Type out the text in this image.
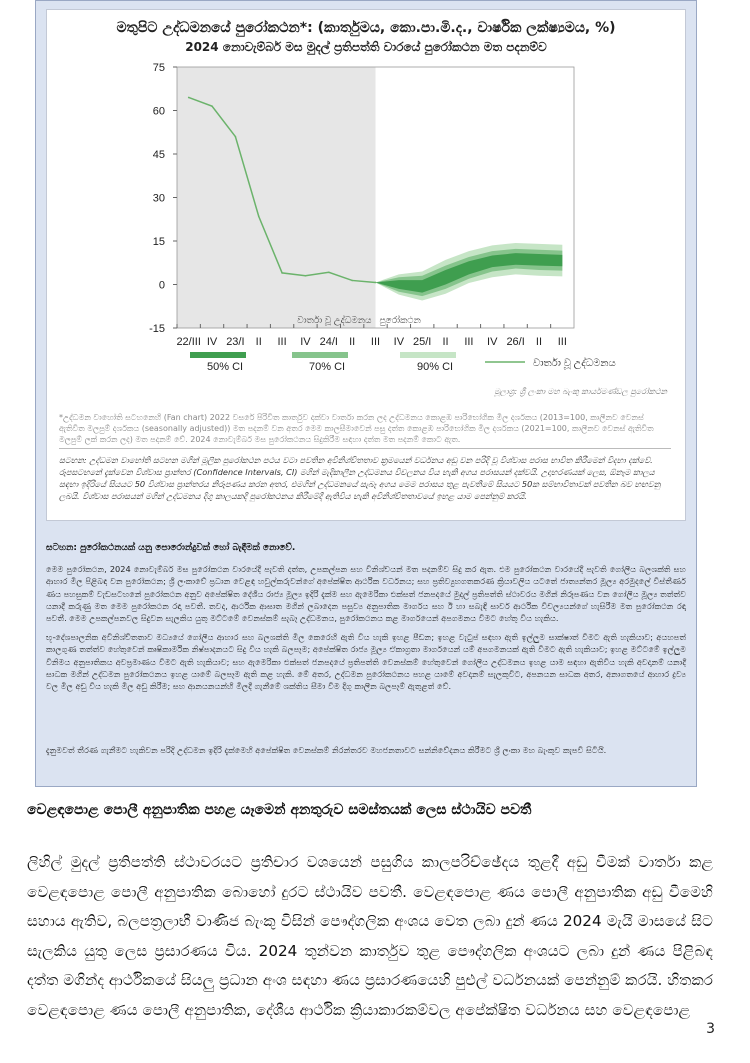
මතුපිට උද්ධමනයේ පුරෝකථන*: (කාර්තුමය, කො.පා.මි.ද., වාර්ෂික ලක්ෂ්‍යමය, %)
2024 නොවැම්බර් මස මුදල් ප්‍රතිපත්ති වාරයේ පුරෝකථන මත පදනම්ව
75
60
45
30
15
0
-15
22/III IV 23/I II III IV 24/I II III IV 25/I II III IV 26/I II III
වාර්තා වූ උද්ධමනය පුරෝකථන
50% CI	70% CI	90% CI	වාර්තා වූ උද්ධමනය
මූලාශ්‍ර: ශ්‍රී ලංකා මහ බැංකු කාර්යමණ්ඩල පුරෝකථන
*උද්ධමන වාහෝති සටහනෙහි (Fan chart) 2022 වසරේ පිරිවිත කාර්තුව දක්වා වාර්තා කරන ලද උද්ධමනය කොළඹ පාරිභෝගික මිල දර්ශකය (2013=100, කාලීනව වෙනස් ඇතිවිත මලපුම් දර්ශකය (seasonally adjusted)) මත පදනම් වන අතර මෙම කාලසීමාවෙන් පසු දත්ත කොළඹ පාරිභෝගික මිල දර්ශකය (2021=100, කාලීනව වෙනස් ඇතිවිත මලපුම් ලක් කරන ලද) මත පදනම් වේ. 2024 නොවැම්බර් මස පුරෝකථනය සිදුකිරීම සඳහා දත්ත මත පදනම් කොට ඇත.
සටහන: උද්ධමන වාහෝති සටහන මගින් මූලික පුරෝකථන පථය වටා පවතින අවිනිශ්චිතතාව ක්‍රමයෙන් වර්ධනය අඩු වන පරිදි වූ විශ්වාස පරාස භාවිත කිරීමෙන් විදහා දක්වේ. රූපසටහනේ දැක්වෙන විශ්වාස ප්‍රාන්තර (Confidence Intervals, CI) මගින් මැදිකාලීන උද්ධමනය විචලනය විය හැකි අගය පරාසයන් දක්වයි. උදාහරණයක් ලෙස, ඕනෑම කාලය සඳහා ඉදිරියේ සියයට 50 විශ්වාස ප්‍රාන්තරය නිරූපණය කරන අතර, එමගින් උද්ධමනයේ සැබෑ අගය මෙම පරාසය තුළ පැවතීමේ සියයට 50ක සම්භාවිතාවක් පවතින බව හඟවනු ලබයි. විශ්වාස පරාසයන් මගින් උද්ධමනය දිගු කාලයකදී පුරෝකථනය කිරීමේදී ඇතිවිය හැකි අවිනිශ්චිතතාවයේ ඉහළ යාම පෙන්නුම් කරයි.
සටහන: පුරෝකථනයක් යනු පොරොන්දුවක් හෝ බැඳීමක් නොවේ.
මෙම පුරෝකථන, 2024 නොවැම්බර් මස පුරෝකථන වාරයේදී පැවති දත්ත, උපකල්පන සහ විනිශ්චයන් මත පදනම්ව සිදු කර ඇත. එම පුරෝකථන වාරයේදී පැවති ගෝලීය බලශක්ති සහ ආහාර මිල පිළිබඳ වන පුරෝකථන; ශ්‍රී ලංකාවේ ප්‍රධාන වෙළඳ හවුල්කරුවන්ගේ අපේක්ෂිත ආර්ථික වර්ධනය; සහ ප්‍රතිව්‍යුහගතකරණ ක්‍රියාවලිය යටතේ ජාත්‍යන්තර මූල්‍ය අරමුදලේ විස්තීර්ණ ණය පහසුකම් වැඩසටහනේ පුරෝකථන අනුව අපේක්ෂිත දේශීය රාජ්‍ය මූල්‍ය ඉදිරි දැක්ම සහ ඇමෙරිකා එක්සත් ජනපදයේ මුදල් ප්‍රතිපත්ති ස්ථාවරය මගින් නිරූපණය වන ගෝලීය මූල්‍ය තත්ත්ව යනාදී කරුණු මත මෙම පුරෝකථන රඳා පවතී. තවද, ආර්ථික ආඝාත මගින් ලබාදෙන පසුව්‍ය අනුපාතික මාර්ගය සහ ඊ හා සබැඳි සාර්ව ආර්ථික විචල්‍යයන්ගේ හැසිරීම මත පුරෝකථන රඳා පවතී. මෙම උපකල්පනවල සිදුවන සැලකිය යුතු මට්ටමේ වෙනස්කම් සැබෑ උද්ධමනය, පුරෝකථනය කළ මාර්ගයෙන් අපගමනය වීමට හේතු විය හැකිය.
භූ-දේශපාලනික අවිනිශ්චිතතාව මධ්‍යයේ ගෝලීය ආහාර සහ බලශක්ති මිල කෙරෙහි ඇති විය හැකි ඉහළ පීඩන; ඉහළ වැටුප් සඳහා ඇති ඉල්ලුම සාක්ෂාත් වීමට ඇති හැකියාව; අයහපත් කාලගුණ තත්ත්ව හේතුවෙන් කෘෂිකාර්මික නිෂ්පාදනයට සිදු විය හැකි බලපෑම; අපේක්ෂිත රාජ්‍ය මූල්‍ය ඒකාග්‍රතා මාර්ගයෙන් යම් අපගමනයක් ඇති වීමට ඇති හැකියාව; ඉහළ මට්ටමේ ඉල්ලුම විනිමය අනුපාතිකය අවප්‍රමාණය වීමට ඇති හැකියාව; සහ ඇමෙරිකා එක්සත් ජනපදයේ ප්‍රතිපත්ති වෙනස්කම් හේතුවෙන් ගෝලීය උද්ධමනය ඉහළ යාම සඳහා ඇතිවිය හැකි අවදානම් යනාදී සාධක මගින් උද්ධමන පුරෝකථනය ඉහළ යාමේ බලපෑම ඇති කළ හැකි. මේ අතර, උද්ධමන පුරෝකථනය පහළ යාමේ අවදානම් සැලකුවිට, අපනයන සාධක අතර, අනාගතයේ ආහාර ද්‍රව්‍ය වල මිල අඩු විය හැකි මිල අඩු කිරීම; සහ ආනයනයන්හි මිලදී ගැනීමේ ශක්තිය සීමා වීම දිගු කාලීන බලපෑම් ඇතුළත් වේ.
දැනුමවත් තීරණ ගැනීමට හැකිවන පරිදි උද්ධමන ඉදිරි දැක්මෙහි අපේක්ෂිත වෙනස්කම් නිරන්තරව මහජනතාවට සන්නිවේදනය කිරීමට ශ්‍රී ලංකා මහ බැංකුව කැපවී සිටියි.
වෙළඳපොළ පොලී අනුපාතික පහළ යෑමෙන් අනතුරුව සමස්තයක් ලෙස ස්ථායිව පවතී
ලිහිල් මුදල් ප්‍රතිපත්ති ස්ථාවරයට ප්‍රතිචාර වශයෙන් පසුගිය කාලපරිච්ඡේදය තුළදී අඩු වීමක් වාර්තා කළ වෙළඳපොළ පොලී අනුපාතික බොහෝ දුරට ස්ථායිව පවතී. වෙළඳපොළ ණය පොලී අනුපාතික අඩු වීමෙහි සහාය ඇතිව, බලපත්‍රලාභී වාණිජ බැංකු විසින් පෞද්ගලික අංශය වෙත ලබා දුන් ණය 2024 මැයි මාසයේ සිට සැලකිය යුතු ලෙස ප්‍රසාරණය විය. 2024 තුන්වන කාර්තුව තුළ පෞද්ගලික අංශයට ලබා දුන් ණය පිළිබඳ දත්ත මගින්ද ආර්ථිකයේ සියලු ප්‍රධාන අංශ සඳහා ණය ප්‍රසාරණයෙහි පුළුල් වර්ධනයක් පෙන්නුම් කරයි. හිතකර වෙළඳපොළ ණය පොලී අනුපාතික, දේශීය ආර්ථික ක්‍රියාකාරකම්වල අපේක්ෂිත වර්ධනය සහ වෙළඳපොළ
3
